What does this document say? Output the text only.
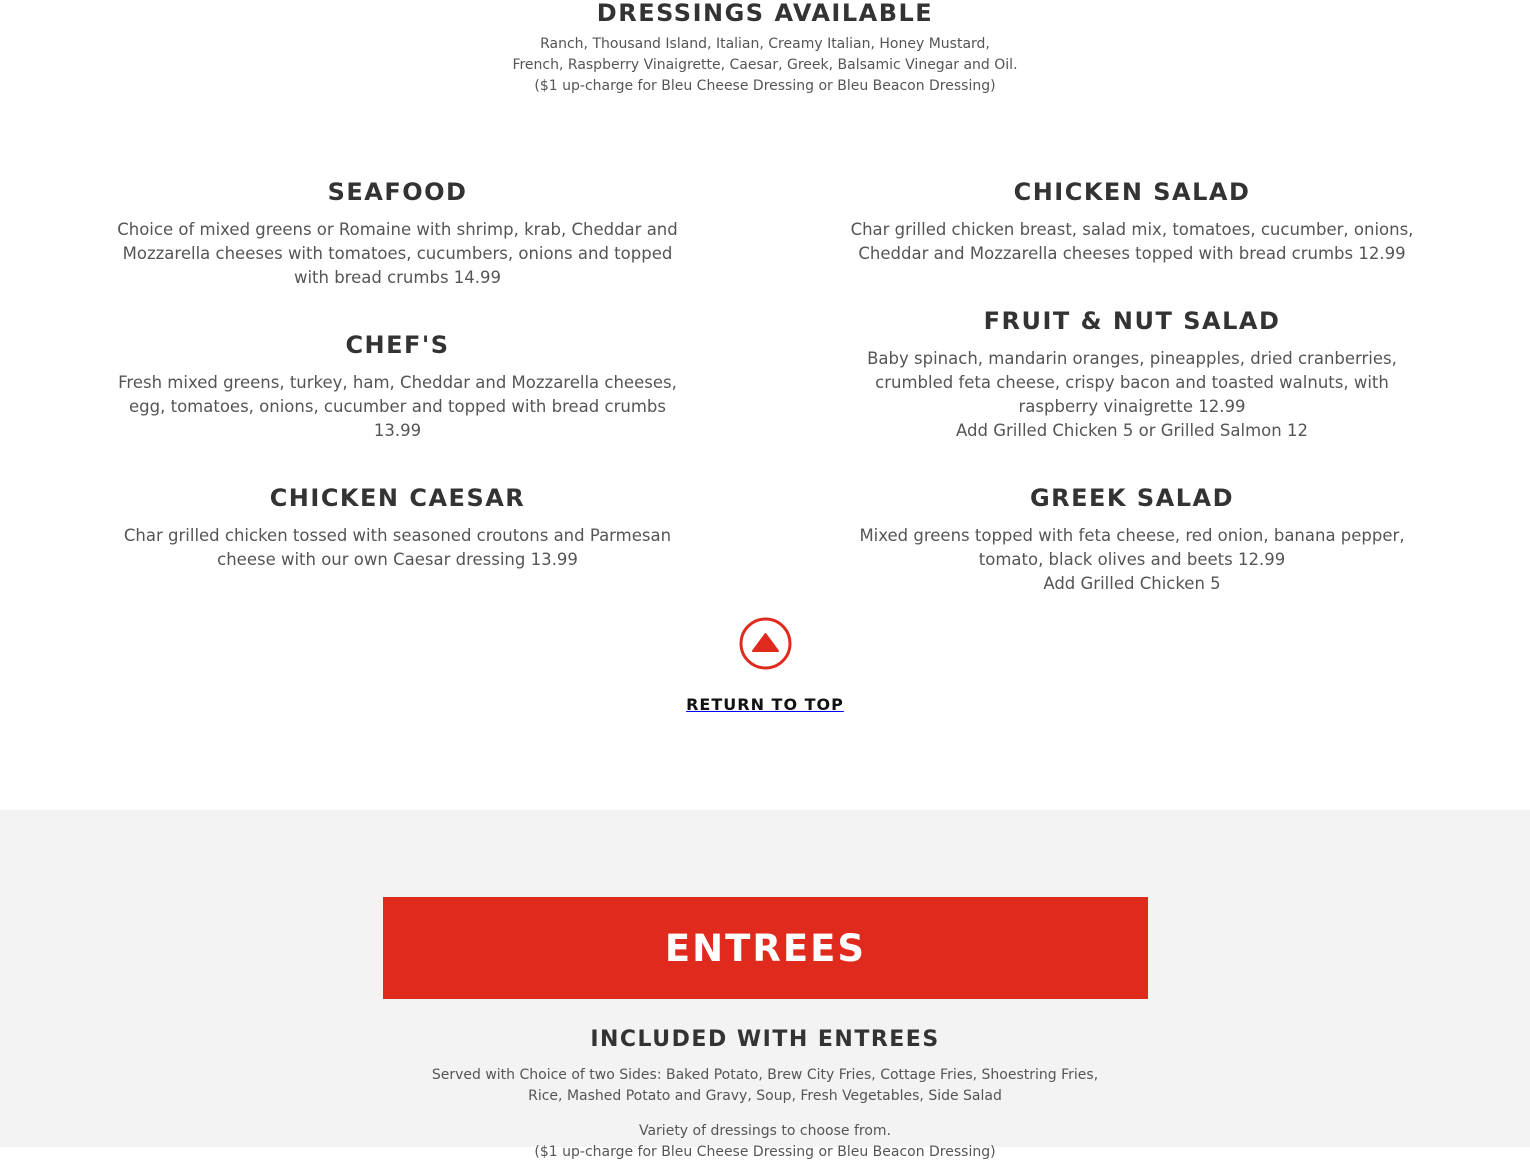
DRESSINGS AVAILABLE
Ranch, Thousand Island, Italian, Creamy Italian, Honey Mustard,
French, Raspberry Vinaigrette, Caesar, Greek, Balsamic Vinegar and Oil.
($1 up-charge for Bleu Cheese Dressing or Bleu Beacon Dressing)
SEAFOOD
Choice of mixed greens or Romaine with shrimp, krab, Cheddar and
Mozzarella cheeses with tomatoes, cucumbers, onions and topped
with bread crumbs 14.99
CHEF'S
Fresh mixed greens, turkey, ham, Cheddar and Mozzarella cheeses,
egg, tomatoes, onions, cucumber and topped with bread crumbs
13.99
CHICKEN CAESAR
Char grilled chicken tossed with seasoned croutons and Parmesan
cheese with our own Caesar dressing 13.99
CHICKEN SALAD
Char grilled chicken breast, salad mix, tomatoes, cucumber, onions,
Cheddar and Mozzarella cheeses topped with bread crumbs 12.99
FRUIT & NUT SALAD
Baby spinach, mandarin oranges, pineapples, dried cranberries,
crumbled feta cheese, crispy bacon and toasted walnuts, with
raspberry vinaigrette 12.99
Add Grilled Chicken 5 or Grilled Salmon 12
GREEK SALAD
Mixed greens topped with feta cheese, red onion, banana pepper,
tomato, black olives and beets 12.99
Add Grilled Chicken 5
RETURN TO TOP
ENTREES
INCLUDED WITH ENTREES
Served with Choice of two Sides: Baked Potato, Brew City Fries, Cottage Fries, Shoestring Fries,
Rice, Mashed Potato and Gravy, Soup, Fresh Vegetables, Side Salad
Variety of dressings to choose from.
($1 up-charge for Bleu Cheese Dressing or Bleu Beacon Dressing)
